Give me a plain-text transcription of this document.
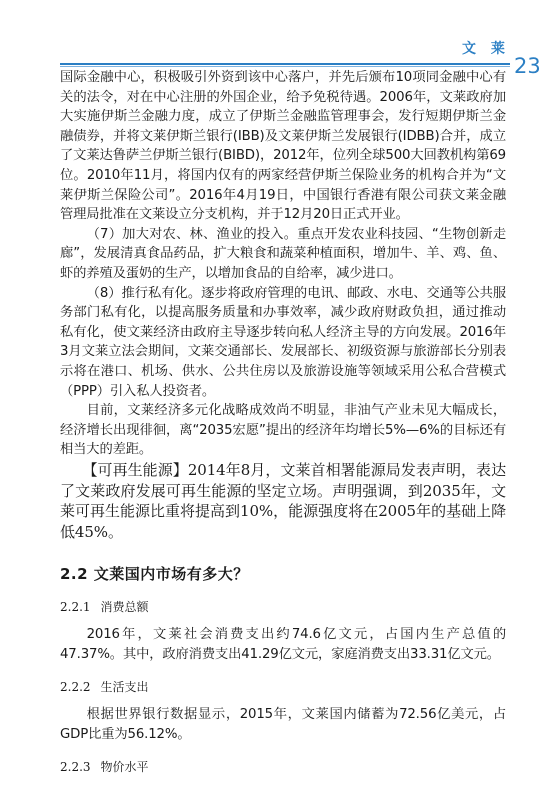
文 莱
23

国际金融中心，积极吸引外资到该中心落户，并先后颁布10项同金融中心有关的法令，对在中心注册的外国企业，给予免税待遇。2006年，文莱政府加大实施伊斯兰金融力度，成立了伊斯兰金融监管理事会，发行短期伊斯兰金融债券，并将文莱伊斯兰银行(IBB)及文莱伊斯兰发展银行(IDBB)合并，成立了文莱达鲁萨兰伊斯兰银行(BIBD)，2012年，位列全球500大回教机构第69位。2010年11月，将国内仅有的两家经营伊斯兰保险业务的机构合并为“文莱伊斯兰保险公司”。2016年4月19日，中国银行香港有限公司获文莱金融管理局批准在文莱设立分支机构，并于12月20日正式开业。

（7）加大对农、林、渔业的投入。重点开发农业科技园、“生物创新走廊”，发展清真食品药品，扩大粮食和蔬菜种植面积，增加牛、羊、鸡、鱼、虾的养殖及蛋奶的生产，以增加食品的自给率，减少进口。

（8）推行私有化。逐步将政府管理的电讯、邮政、水电、交通等公共服务部门私有化，以提高服务质量和办事效率，减少政府财政负担，通过推动私有化，使文莱经济由政府主导逐步转向私人经济主导的方向发展。2016年3月文莱立法会期间，文莱交通部长、发展部长、初级资源与旅游部长分别表示将在港口、机场、供水、公共住房以及旅游设施等领域采用公私合营模式（PPP）引入私人投资者。

目前，文莱经济多元化战略成效尚不明显，非油气产业未见大幅成长，经济增长出现徘徊，离“2035宏愿”提出的经济年均增长5%—6%的目标还有相当大的差距。

【可再生能源】2014年8月，文莱首相署能源局发表声明，表达了文莱政府发展可再生能源的坚定立场。声明强调，到2035年，文莱可再生能源比重将提高到10%，能源强度将在2005年的基础上降低45%。

2.2 文莱国内市场有多大？
2.2.1 消费总额

2016年，文莱社会消费支出约74.6亿文元，占国内生产总值的47.37%。其中，政府消费支出41.29亿文元，家庭消费支出33.31亿文元。

2.2.2 生活支出

根据世界银行数据显示，2015年，文莱国内储蓄为72.56亿美元，占GDP比重为56.12%。

2.2.3 物价水平
